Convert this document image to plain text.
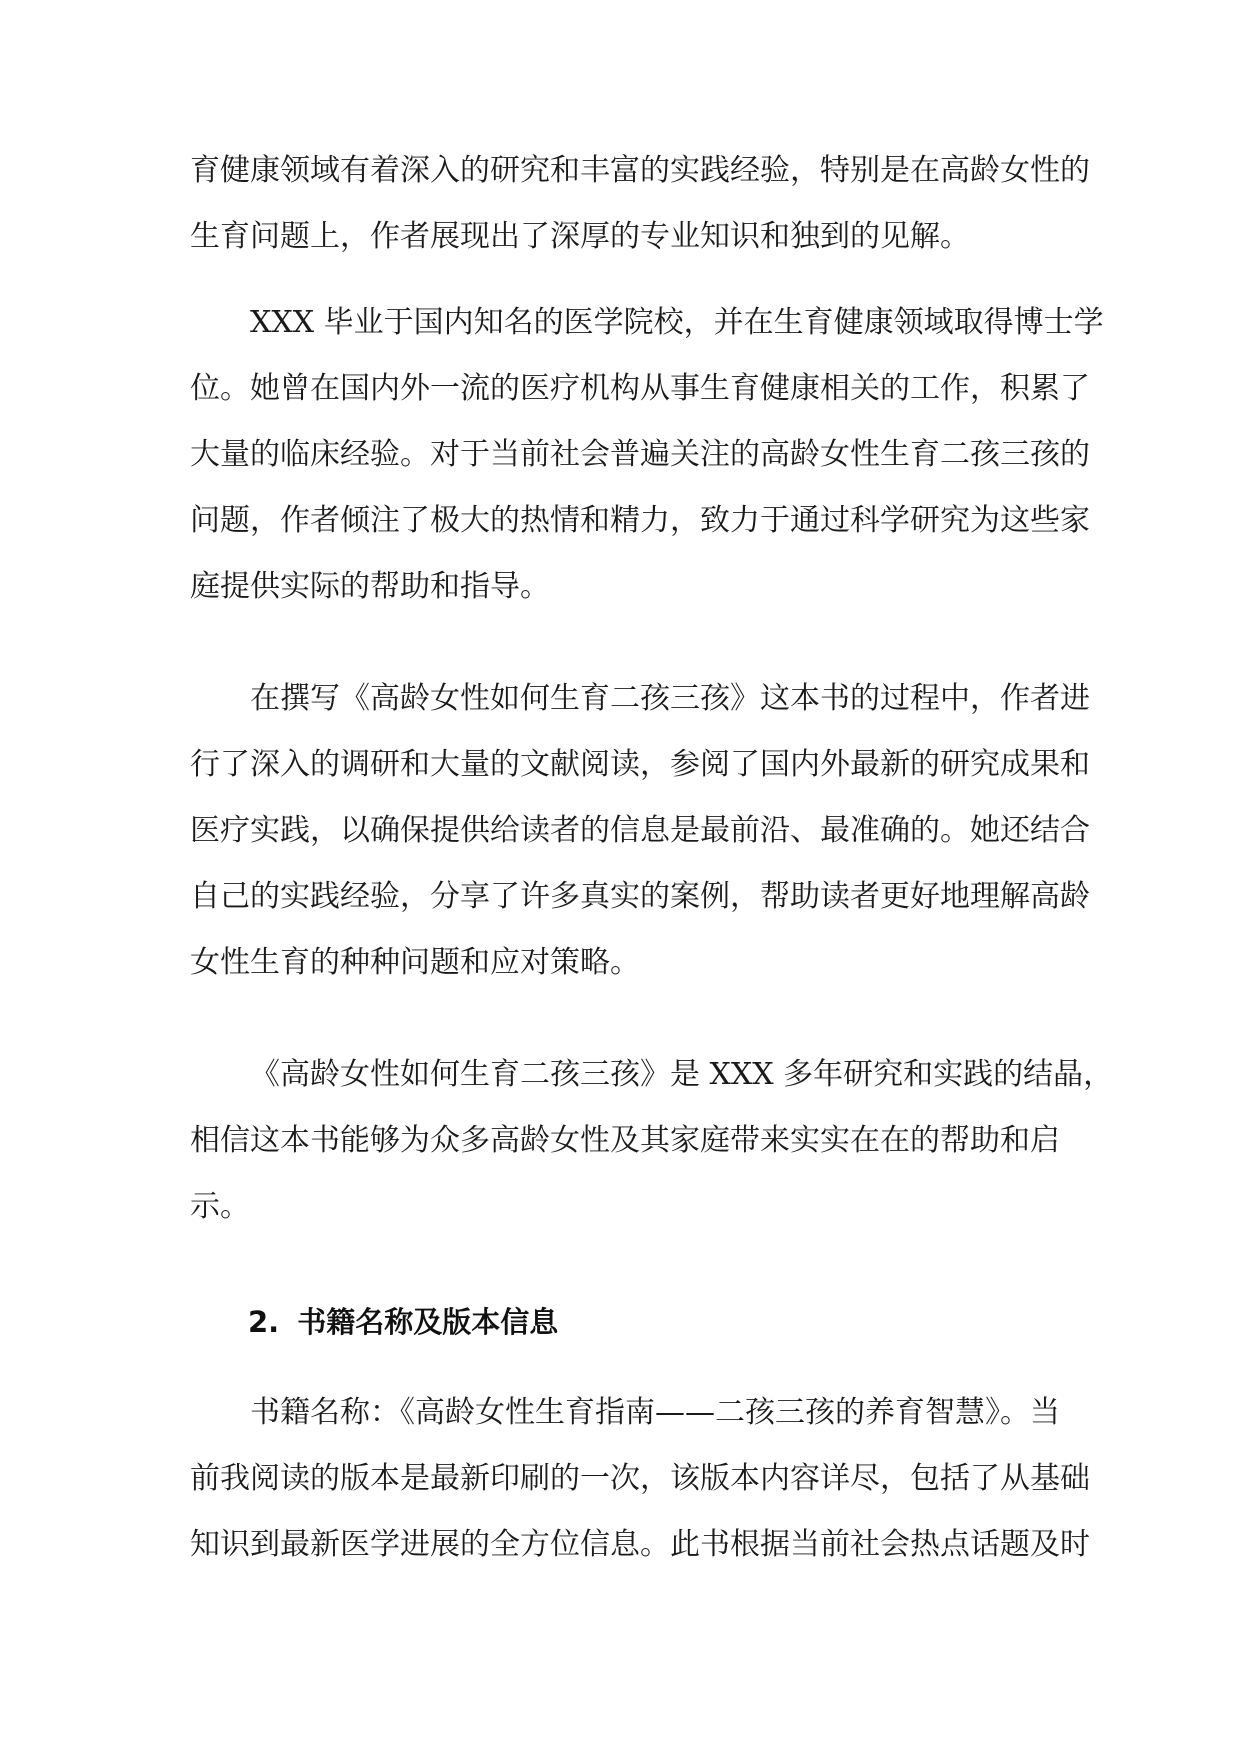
育健康领域有着深入的研究和丰富的实践经验，特别是在高龄女性的
生育问题上，作者展现出了深厚的专业知识和独到的见解。
XXX 毕业于国内知名的医学院校，并在生育健康领域取得博士学
位。她曾在国内外一流的医疗机构从事生育健康相关的工作，积累了
大量的临床经验。对于当前社会普遍关注的高龄女性生育二孩三孩的
问题，作者倾注了极大的热情和精力，致力于通过科学研究为这些家
庭提供实际的帮助和指导。
在撰写《高龄女性如何生育二孩三孩》这本书的过程中，作者进
行了深入的调研和大量的文献阅读，参阅了国内外最新的研究成果和
医疗实践，以确保提供给读者的信息是最前沿、最准确的。她还结合
自己的实践经验，分享了许多真实的案例，帮助读者更好地理解高龄
女性生育的种种问题和应对策略。
《高龄女性如何生育二孩三孩》是 XXX 多年研究和实践的结晶，
相信这本书能够为众多高龄女性及其家庭带来实实在在的帮助和启
示。
2. 书籍名称及版本信息
书籍名称：《高龄女性生育指南——二孩三孩的养育智慧》。当
前我阅读的版本是最新印刷的一次，该版本内容详尽，包括了从基础
知识到最新医学进展的全方位信息。此书根据当前社会热点话题及时
